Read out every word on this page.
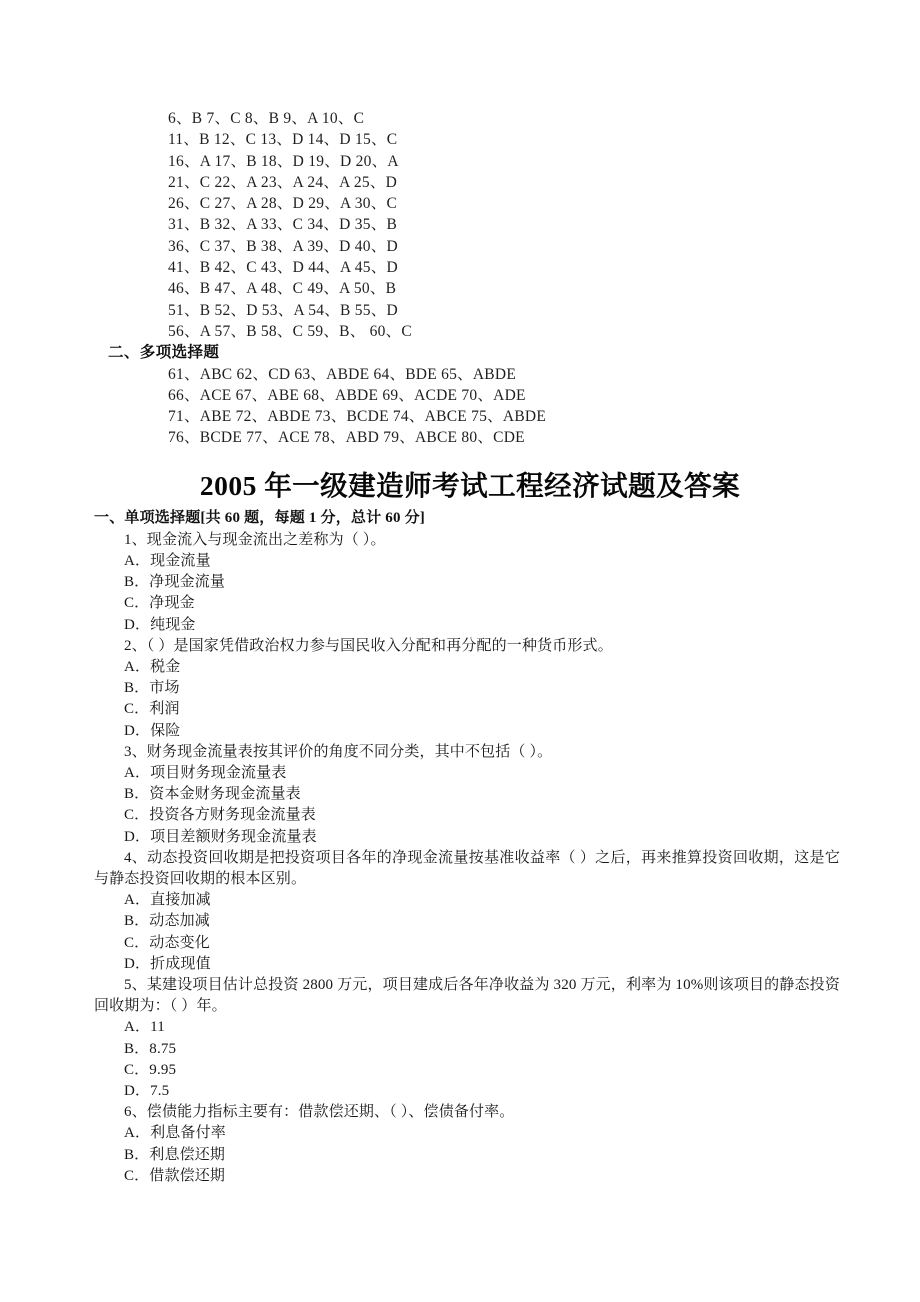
6、B 7、C 8、B 9、A 10、C
11、B 12、C 13、D 14、D 15、C
16、A 17、B 18、D 19、D 20、A
21、C 22、A 23、A 24、A 25、D
26、C 27、A 28、D 29、A 30、C
31、B 32、A 33、C 34、D 35、B
36、C 37、B 38、A 39、D 40、D
41、B 42、C 43、D 44、A 45、D
46、B 47、A 48、C 49、A 50、B
51、B 52、D 53、A 54、B 55、D
56、A 57、B 58、C 59、B、 60、C
二、多项选择题
61、ABC 62、CD 63、ABDE 64、BDE 65、ABDE
66、ACE 67、ABE 68、ABDE 69、ACDE 70、ADE
71、ABE 72、ABDE 73、BCDE 74、ABCE 75、ABDE
76、BCDE 77、ACE 78、ABD 79、ABCE 80、CDE
2005 年一级建造师考试工程经济试题及答案
一、单项选择题[共 60 题，每题 1 分，总计 60 分]
1、现金流入与现金流出之差称为（ ）。
A．现金流量
B．净现金流量
C．净现金
D．纯现金
2、（ ）是国家凭借政治权力参与国民收入分配和再分配的一种货币形式。
A．税金
B．市场
C．利润
D．保险
3、财务现金流量表按其评价的角度不同分类，其中不包括（ ）。
A．项目财务现金流量表
B．资本金财务现金流量表
C．投资各方财务现金流量表
D．项目差额财务现金流量表
4、动态投资回收期是把投资项目各年的净现金流量按基准收益率（ ）之后，再来推算投资回收期，这是它与静态投资回收期的根本区别。
A．直接加减
B．动态加减
C．动态变化
D．折成现值
5、某建设项目估计总投资 2800 万元，项目建成后各年净收益为 320 万元，利率为 10%则该项目的静态投资回收期为：（ ）年。
A．11
B．8.75
C．9.95
D．7.5
6、偿债能力指标主要有：借款偿还期、（ ）、偿债备付率。
A．利息备付率
B．利息偿还期
C．借款偿还期
